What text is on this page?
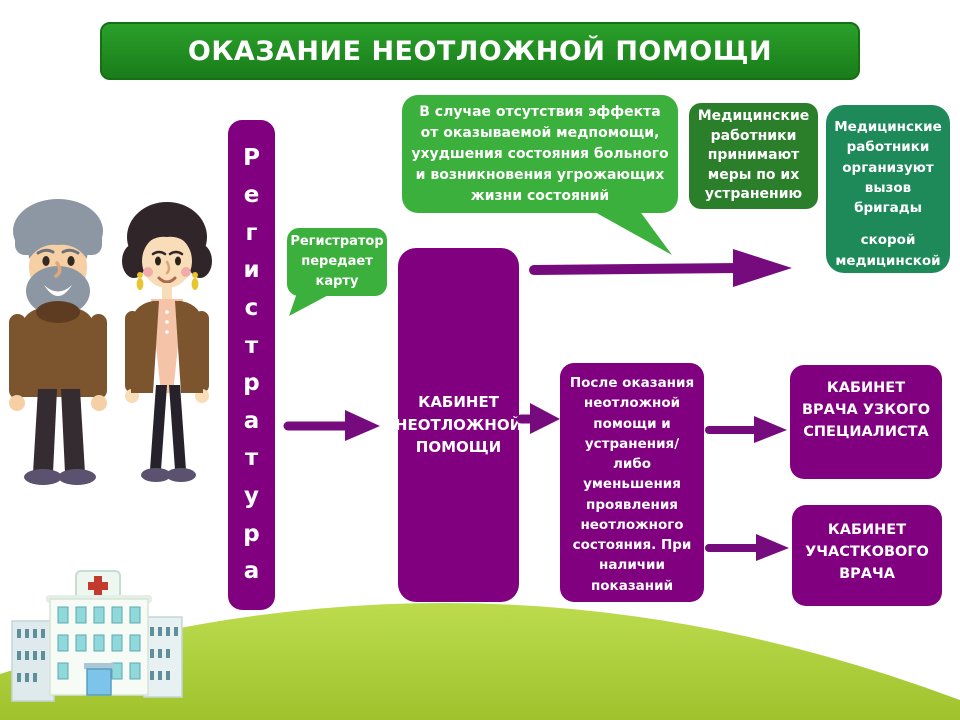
ОКАЗАНИЕ НЕОТЛОЖНОЙ ПОМОЩИ
В случае отсутствия эффекта от оказываемой медпомощи, ухудшения состояния больного и возникновения угрожающих жизни состояний
Медицинские работники принимают меры по их устранению

Медицинские работники организуют вызов бригады

скорой медицинской помощи

Р
е
г
и
с
т
р
а
т
у
р
а
Регистратор передает карту
КАБИНЕТ НЕОТЛОЖНОЙ ПОМОЩИ
После оказания неотложной помощи и устранения/либо уменьшения проявления неотложного состояния. При наличии показаний
КАБИНЕТ ВРАЧА УЗКОГО СПЕЦИАЛИСТА
КАБИНЕТ УЧАСТКОВОГО ВРАЧА
